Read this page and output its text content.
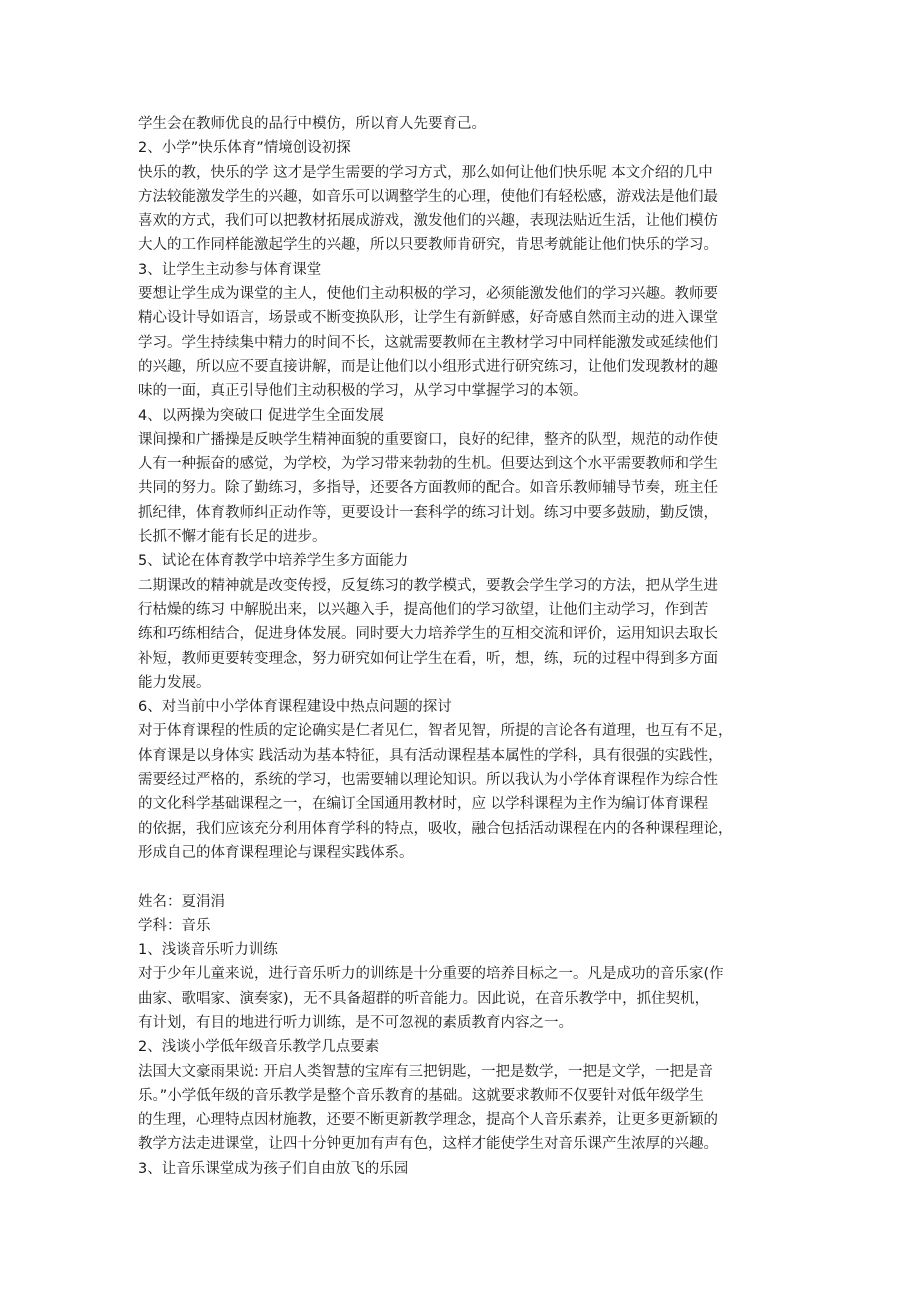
学生会在教师优良的品行中模仿，所以育人先要育己。
2、小学”快乐体育”情境创设初探
快乐的教，快乐的学 这才是学生需要的学习方式，那么如何让他们快乐呢 本文介绍的几中
方法较能激发学生的兴趣，如音乐可以调整学生的心理，使他们有轻松感，游戏法是他们最
喜欢的方式，我们可以把教材拓展成游戏，激发他们的兴趣，表现法贴近生活，让他们模仿
大人的工作同样能激起学生的兴趣，所以只要教师肯研究，肯思考就能让他们快乐的学习。
3、让学生主动参与体育课堂
要想让学生成为课堂的主人，使他们主动积极的学习，必须能激发他们的学习兴趣。教师要
精心设计导如语言，场景或不断变换队形，让学生有新鲜感，好奇感自然而主动的进入课堂
学习。学生持续集中精力的时间不长，这就需要教师在主教材学习中同样能激发或延续他们
的兴趣，所以应不要直接讲解，而是让他们以小组形式进行研究练习，让他们发现教材的趣
味的一面，真正引导他们主动积极的学习，从学习中掌握学习的本领。
4、以两操为突破口 促进学生全面发展
课间操和广播操是反映学生精神面貌的重要窗口，良好的纪律，整齐的队型，规范的动作使
人有一种振奋的感觉，为学校，为学习带来勃勃的生机。但要达到这个水平需要教师和学生
共同的努力。除了勤练习，多指导，还要各方面教师的配合。如音乐教师辅导节奏，班主任
抓纪律，体育教师纠正动作等，更要设计一套科学的练习计划。练习中要多鼓励，勤反馈，
长抓不懈才能有长足的进步。
5、试论在体育教学中培养学生多方面能力
二期课改的精神就是改变传授，反复练习的教学模式，要教会学生学习的方法，把从学生进
行枯燥的练习 中解脱出来，以兴趣入手，提高他们的学习欲望，让他们主动学习，作到苦
练和巧练相结合，促进身体发展。同时要大力培养学生的互相交流和评价，运用知识去取长
补短，教师更要转变理念，努力研究如何让学生在看，听，想，练，玩的过程中得到多方面
能力发展。
6、对当前中小学体育课程建设中热点问题的探讨
对于体育课程的性质的定论确实是仁者见仁，智者见智，所提的言论各有道理，也互有不足，
体育课是以身体实 践活动为基本特征，具有活动课程基本属性的学科，具有很强的实践性，
需要经过严格的，系统的学习，也需要辅以理论知识。所以我认为小学体育课程作为综合性
的文化科学基础课程之一，在编订全国通用教材时，应 以学科课程为主作为编订体育课程
的依据，我们应该充分利用体育学科的特点，吸收，融合包括活动课程在内的各种课程理论，
形成自己的体育课程理论与课程实践体系。
姓名：夏涓涓
学科：音乐
1、浅谈音乐听力训练
对于少年儿童来说，进行音乐听力的训练是十分重要的培养目标之一。凡是成功的音乐家(作
曲家、歌唱家、演奏家)，无不具备超群的听音能力。因此说，在音乐教学中，抓住契机，
有计划，有目的地进行听力训练，是不可忽视的素质教育内容之一。
2、浅谈小学低年级音乐教学几点要素
法国大文豪雨果说: 开启人类智慧的宝库有三把钥匙，一把是数学，一把是文学，一把是音
乐。”小学低年级的音乐教学是整个音乐教育的基础。这就要求教师不仅要针对低年级学生
的生理，心理特点因材施教，还要不断更新教学理念，提高个人音乐素养，让更多更新颖的
教学方法走进课堂，让四十分钟更加有声有色，这样才能使学生对音乐课产生浓厚的兴趣。
3、让音乐课堂成为孩子们自由放飞的乐园
